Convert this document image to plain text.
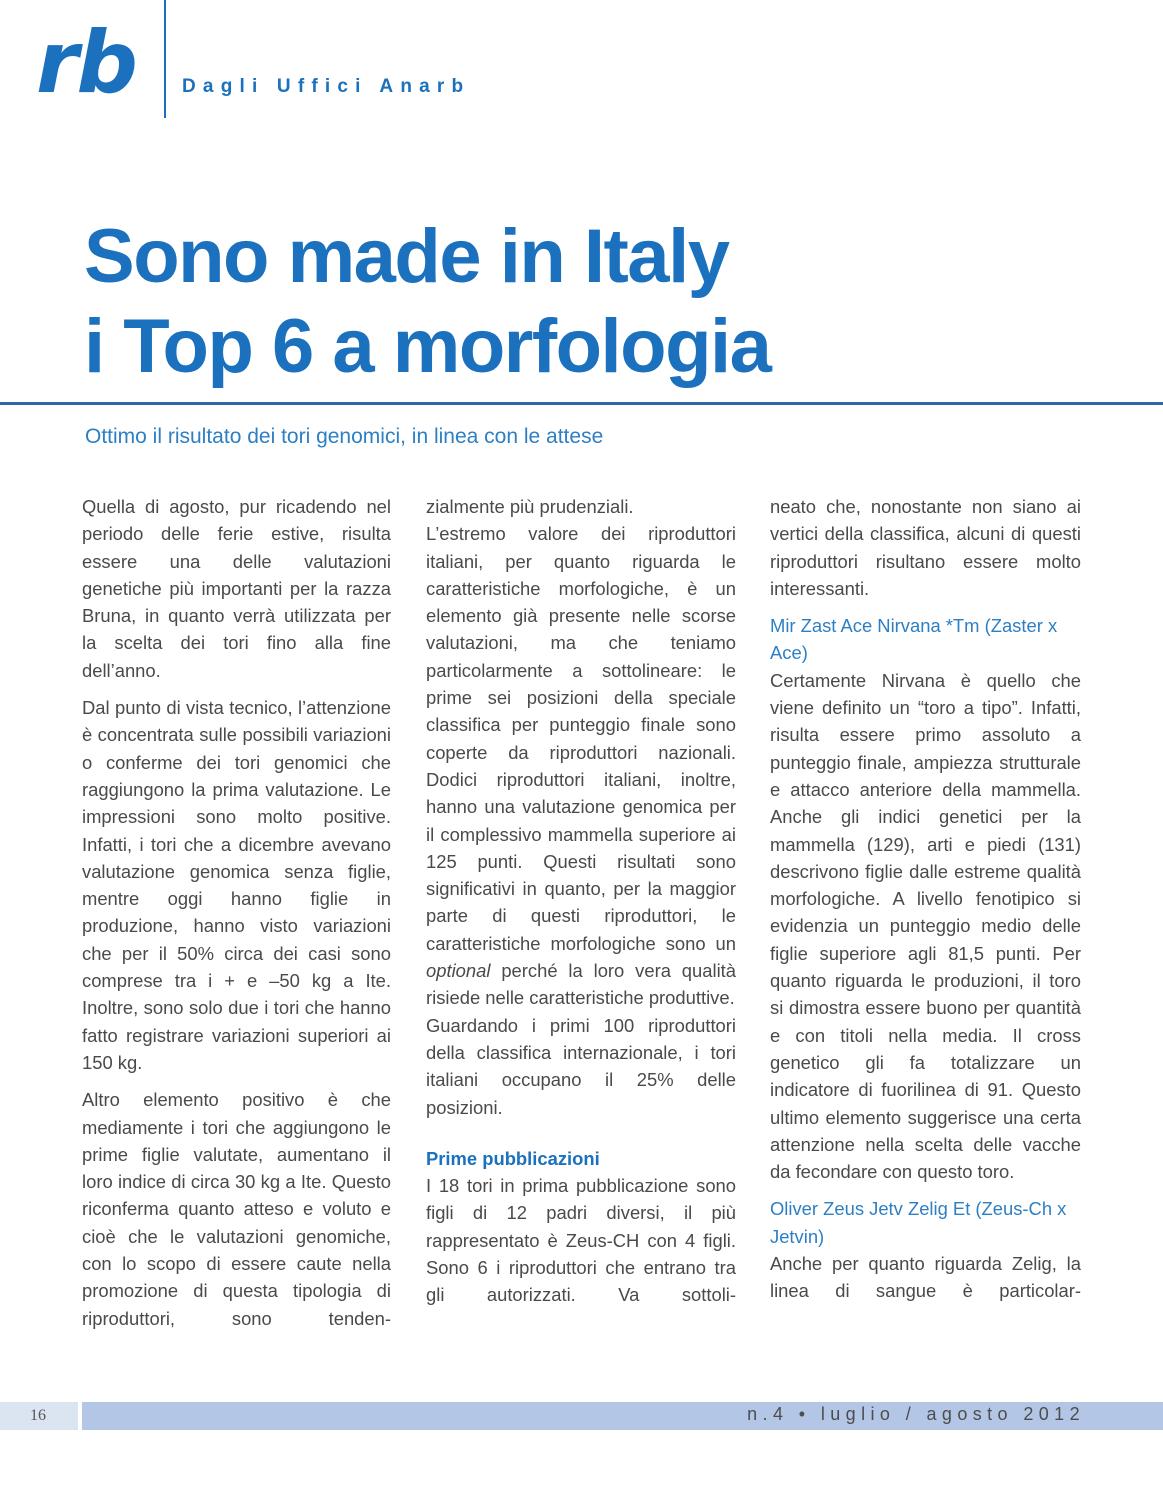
rb Dagli Uffici Anarb
Sono made in Italy
i Top 6 a morfologia
Ottimo il risultato dei tori genomici, in linea con le attese

Quella di agosto, pur ricadendo nel periodo delle ferie estive, risulta essere una delle valutazioni genetiche più importanti per la razza Bruna, in quanto verrà utilizzata per la scelta dei tori fino alla fine dell’anno.

Dal punto di vista tecnico, l’attenzione è concentrata sulle possibili variazioni o conferme dei tori genomici che raggiungono la prima valutazione. Le impressioni sono molto positive. Infatti, i tori che a dicembre avevano valutazione genomica senza figlie, mentre oggi hanno figlie in produzione, hanno visto variazioni che per il 50% circa dei casi sono comprese tra i + e –50 kg a Ite. Inoltre, sono solo due i tori che hanno fatto registrare variazioni superiori ai 150 kg.

Altro elemento positivo è che mediamente i tori che aggiungono le prime figlie valutate, aumentano il loro indice di circa 30 kg a Ite. Questo riconferma quanto atteso e voluto e cioè che le valutazioni genomiche, con lo scopo di essere caute nella promozione di questa tipologia di riproduttori, sono tenden-

zialmente più prudenziali.

L’estremo valore dei riproduttori italiani, per quanto riguarda le caratteristiche morfologiche, è un elemento già presente nelle scorse valutazioni, ma che teniamo particolarmente a sottolineare: le prime sei posizioni della speciale classifica per punteggio finale sono coperte da riproduttori nazionali. Dodici riproduttori italiani, inoltre, hanno una valutazione genomica per il complessivo mammella superiore ai 125 punti. Questi risultati sono significativi in quanto, per la maggior parte di questi riproduttori, le caratteristiche morfologiche sono un optional perché la loro vera qualità risiede nelle caratteristiche produttive.

Guardando i primi 100 riproduttori della classifica internazionale, i tori italiani occupano il 25% delle posizioni.

Prime pubblicazioni

I 18 tori in prima pubblicazione sono figli di 12 padri diversi, il più rappresentato è Zeus-CH con 4 figli. Sono 6 i riproduttori che entrano tra gli autorizzati. Va sottoli-

neato che, nonostante non siano ai vertici della classifica, alcuni di questi riproduttori risultano essere molto interessanti.

Mir Zast Ace Nirvana *Tm (Zaster x Ace)

Certamente Nirvana è quello che viene definito un “toro a tipo”. Infatti, risulta essere primo assoluto a punteggio finale, ampiezza strutturale e attacco anteriore della mammella. Anche gli indici genetici per la mammella (129), arti e piedi (131) descrivono figlie dalle estreme qualità morfologiche. A livello fenotipico si evidenzia un punteggio medio delle figlie superiore agli 81,5 punti. Per quanto riguarda le produzioni, il toro si dimostra essere buono per quantità e con titoli nella media. Il cross genetico gli fa totalizzare un indicatore di fuorilinea di 91. Questo ultimo elemento suggerisce una certa attenzione nella scelta delle vacche da fecondare con questo toro.

Oliver Zeus Jetv Zelig Et (Zeus-Ch x Jetvin)

Anche per quanto riguarda Zelig, la linea di sangue è particolar-

16	n.4 • luglio / agosto 2012
